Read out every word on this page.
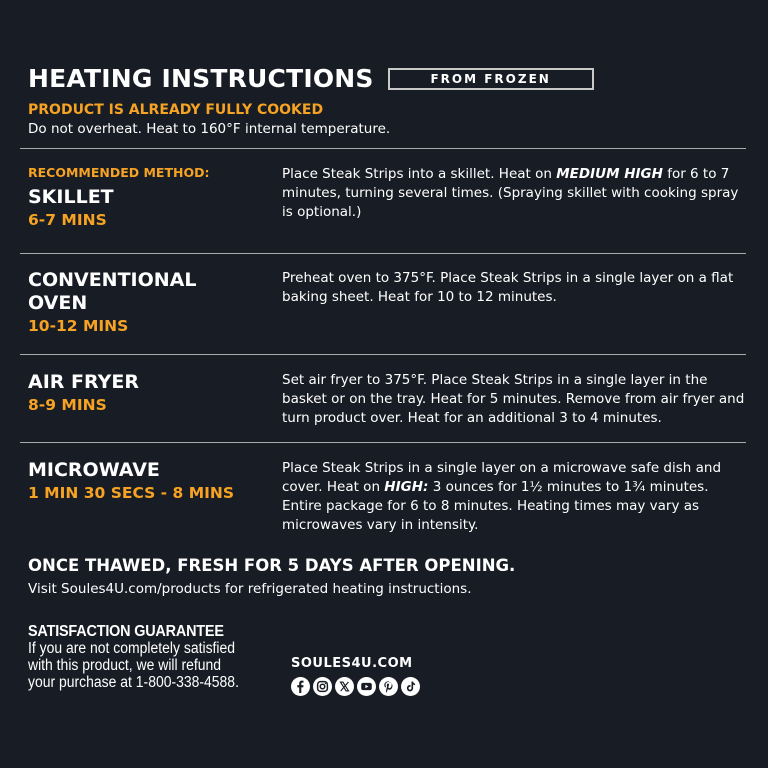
HEATING INSTRUCTIONS	FROM FROZEN
PRODUCT IS ALREADY FULLY COOKED
Do not overheat. Heat to 160°F internal temperature.
RECOMMENDED METHOD:
SKILLET
6-7 MINS
Place Steak Strips into a skillet. Heat on MEDIUM HIGH for 6 to 7 minutes, turning several times. (Spraying skillet with cooking spray is optional.)
CONVENTIONAL
OVEN
10-12 MINS
Preheat oven to 375°F. Place Steak Strips in a single layer on a flat baking sheet. Heat for 10 to 12 minutes.
AIR FRYER
8-9 MINS
Set air fryer to 375°F. Place Steak Strips in a single layer in the basket or on the tray. Heat for 5 minutes. Remove from air fryer and turn product over. Heat for an additional 3 to 4 minutes.
MICROWAVE
1 MIN 30 SECS - 8 MINS
Place Steak Strips in a single layer on a microwave safe dish and cover. Heat on HIGH: 3 ounces for 1½ minutes to 1¾ minutes. Entire package for 6 to 8 minutes. Heating times may vary as microwaves vary in intensity.
ONCE THAWED, FRESH FOR 5 DAYS AFTER OPENING.
Visit Soules4U.com/products for refrigerated heating instructions.
SATISFACTION GUARANTEE
If you are not completely satisfied
with this product, we will refund
your purchase at 1-800-338-4588.
SOULES4U.COM
